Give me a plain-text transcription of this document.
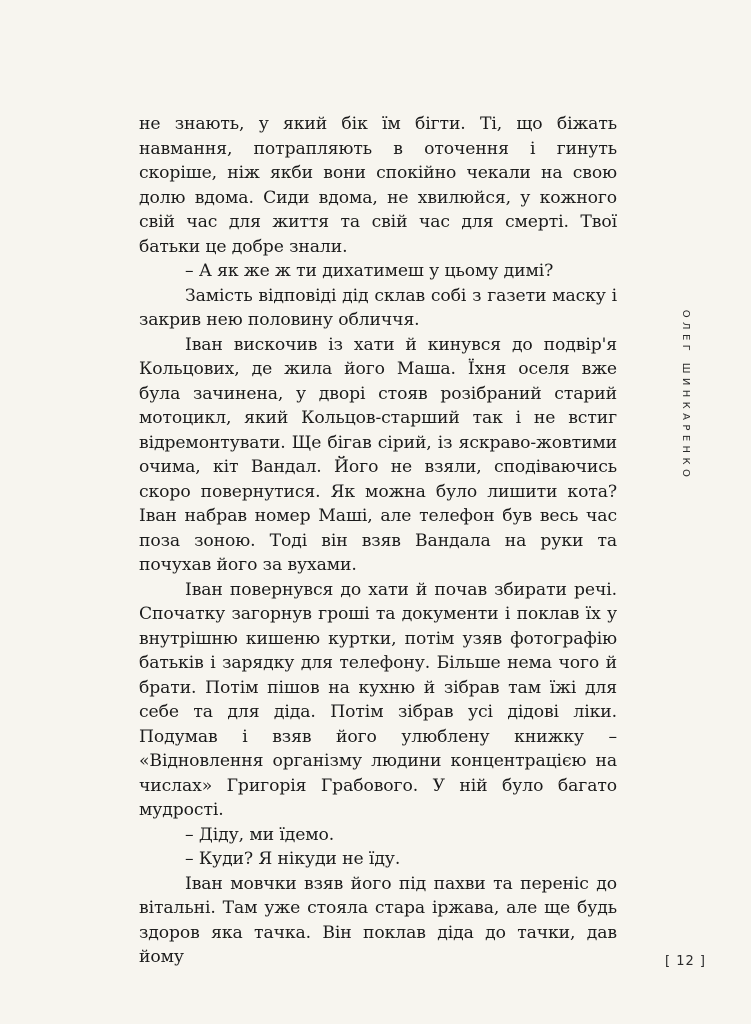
не знають, у який бік їм бігти. Ті, що біжать навмання, потрапляють в оточення і гинуть скоріше, ніж якби вони спокійно чекали на свою долю вдома. Сиди вдома, не хвилюйся, у кожного свій час для життя та свій час для смерті. Твої батьки це добре знали.

– А як же ж ти дихатимеш у цьому димі?

Замість відповіді дід склав собі з газети маску і закрив нею половину обличчя.

Іван вискочив із хати й кинувся до подвір'я Кольцових, де жила його Маша. Їхня оселя вже була зачинена, у дворі стояв розібраний старий мотоцикл, який Кольцов-старший так і не встиг відремонтувати. Ще бігав сірий, із яскраво-жовтими очима, кіт Вандал. Його не взяли, сподіваючись скоро повернутися. Як можна було лишити кота? Іван набрав номер Маші, але телефон був весь час поза зоною. Тоді він взяв Вандала на руки та почухав його за вухами.

Іван повернувся до хати й почав збирати речі. Спочатку загорнув гроші та документи і поклав їх у внутрішню кишеню куртки, потім узяв фотографію батьків і зарядку для телефону. Більше нема чого й брати. Потім пішов на кухню й зібрав там їжі для себе та для діда. Потім зібрав усі дідові ліки. Подумав і взяв його улюблену книжку – «Відновлення організму людини концентрацією на числах» Григорія Грабового. У ній було багато мудрості.

– Діду, ми їдемо.

– Куди? Я нікуди не їду.

Іван мовчки взяв його під пахви та переніс до вітальні. Там уже стояла стара іржава, але ще будь здоров яка тачка. Він поклав діда до тачки, дав йому

ОЛЕГ ШИНКАРЕНКО
[ 12 ]
